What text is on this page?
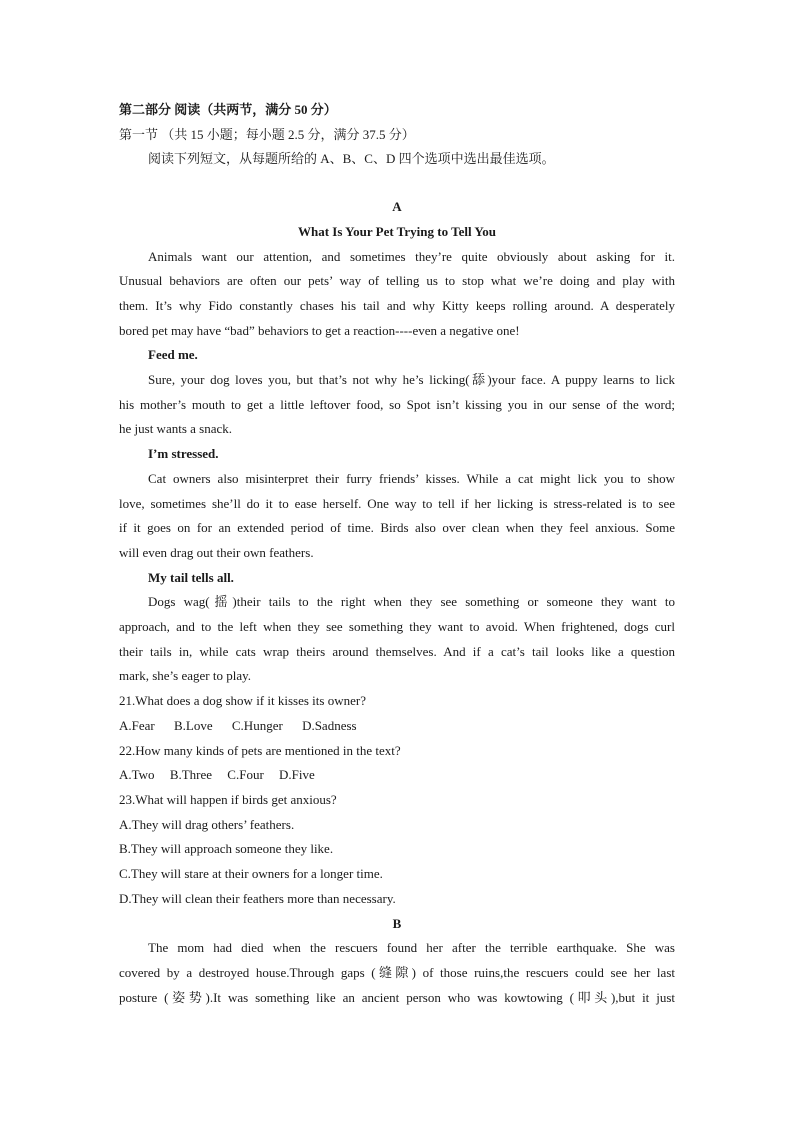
第二部分 阅读（共两节，满分 50 分）
第一节 （共 15 小题；每小题 2.5 分，满分 37.5 分）
阅读下列短文，从每题所给的 A、B、C、D 四个选项中选出最佳选项。
A
What Is Your Pet Trying to Tell You
Animals want our attention, and sometimes they’re quite obviously about asking for it.
Unusual behaviors are often our pets’ way of telling us to stop what we’re doing and play with
them. It’s why Fido constantly chases his tail and why Kitty keeps rolling around. A desperately
bored pet may have “bad” behaviors to get a reaction----even a negative one!
Feed me.
Sure, your dog loves you, but that’s not why he’s licking(舔)your face. A puppy learns to lick
his mother’s mouth to get a little leftover food, so Spot isn’t kissing you in our sense of the word;
he just wants a snack.
I’m stressed.
Cat owners also misinterpret their furry friends’ kisses. While a cat might lick you to show
love, sometimes she’ll do it to ease herself. One way to tell if her licking is stress-related is to see
if it goes on for an extended period of time. Birds also over clean when they feel anxious. Some
will even drag out their own feathers.
My tail tells all.
Dogs wag(摇)their tails to the right when they see something or someone they want to
approach, and to the left when they see something they want to avoid. When frightened, dogs curl
their tails in, while cats wrap theirs around themselves. And if a cat’s tail looks like a question
mark, she’s eager to play.
21.What does a dog show if it kisses its owner?
A.Fear B.Love C.Hunger D.Sadness
22.How many kinds of pets are mentioned in the text?
A.Two B.Three C.Four D.Five
23.What will happen if birds get anxious?
A.They will drag others’ feathers.
B.They will approach someone they like.
C.They will stare at their owners for a longer time.
D.They will clean their feathers more than necessary.
B
The mom had died when the rescuers found her after the terrible earthquake. She was
covered by a destroyed house.Through gaps (缝隙) of those ruins,the rescuers could see her last
posture (姿势).It was something like an ancient person who was kowtowing (叩头),but it just
